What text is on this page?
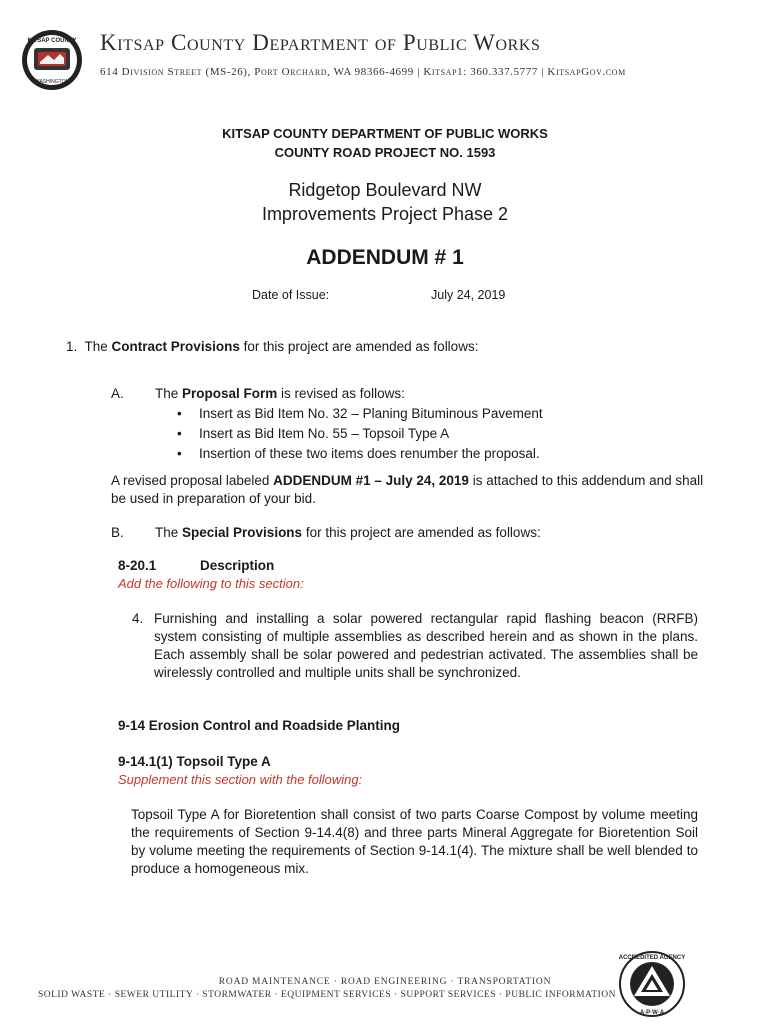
KITSAP COUNTY
WASHINGTON
Kitsap County Department of Public Works
614 Division Street (MS-26), Port Orchard, WA 98366-4699 | Kitsap1: 360.337.5777 | KitsapGov.com
KITSAP COUNTY DEPARTMENT OF PUBLIC WORKS
COUNTY ROAD PROJECT NO. 1593
Ridgetop Boulevard NW
Improvements Project Phase 2
ADDENDUM # 1
Date of Issue:	July 24, 2019
1. The Contract Provisions for this project are amended as follows:
A. The Proposal Form is revised as follows:
• Insert as Bid Item No. 32 – Planing Bituminous Pavement
• Insert as Bid Item No. 55 – Topsoil Type A
• Insertion of these two items does renumber the proposal.
A revised proposal labeled ADDENDUM #1 – July 24, 2019 is attached to this addendum and shall be used in preparation of your bid.
B. The Special Provisions for this project are amended as follows:
8-20.1	Description
Add the following to this section:
4. Furnishing and installing a solar powered rectangular rapid flashing beacon (RRFB) system consisting of multiple assemblies as described herein and as shown in the plans. Each assembly shall be solar powered and pedestrian activated. The assemblies shall be wirelessly controlled and multiple units shall be synchronized.
9-14 Erosion Control and Roadside Planting
9-14.1(1) Topsoil Type A
Supplement this section with the following:
Topsoil Type A for Bioretention shall consist of two parts Coarse Compost by volume meeting the requirements of Section 9-14.4(8) and three parts Mineral Aggregate for Bioretention Soil by volume meeting the requirements of Section 9-14.1(4). The mixture shall be well blended to produce a homogeneous mix.
ROAD MAINTENANCE · ROAD ENGINEERING · TRANSPORTATION
SOLID WASTE · SEWER UTILITY · STORMWATER · EQUIPMENT SERVICES · SUPPORT SERVICES · PUBLIC INFORMATION
ACCREDITED AGENCY
A·P·W·A
